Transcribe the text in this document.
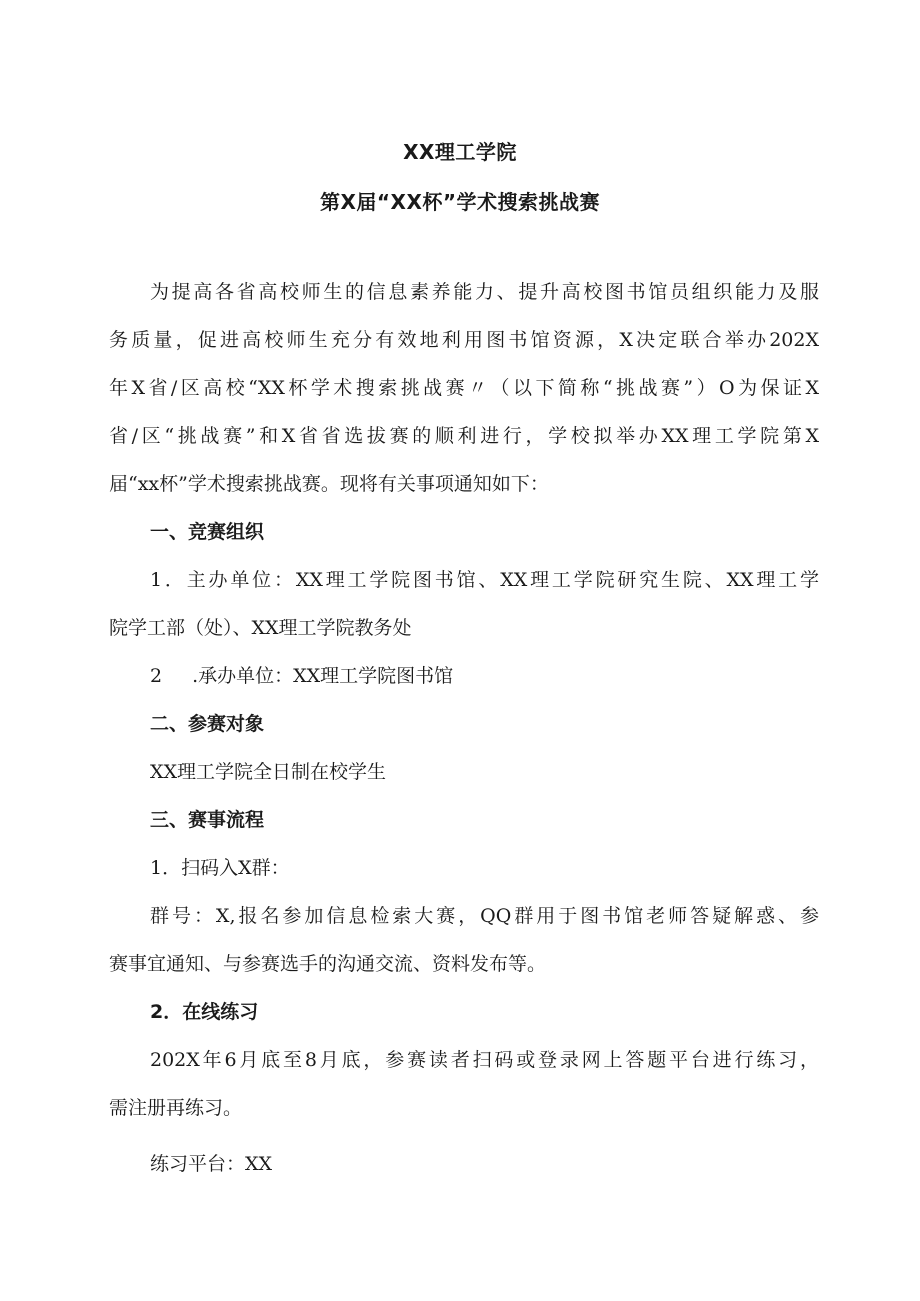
XX理工学院
第X届“XX杯”学术搜索挑战赛
为提高各省高校师生的信息素养能力、提升高校图书馆员组织能力及服
务质量，促进高校师生充分有效地利用图书馆资源，X决定联合举办202X
年X省/区高校“XX杯学术搜索挑战赛〃（以下简称“挑战赛”）O为保证X
省/区“挑战赛”和X省省选拔赛的顺利进行，学校拟举办XX理工学院第X
届“xx杯”学术搜索挑战赛。现将有关事项通知如下：
一、竞赛组织
1．主办单位：XX理工学院图书馆、XX理工学院研究生院、XX理工学
院学工部（处）、XX理工学院教务处
2 .承办单位：XX理工学院图书馆
二、参赛对象
XX理工学院全日制在校学生
三、赛事流程
1．扫码入X群：
群号：X,报名参加信息检索大赛，QQ群用于图书馆老师答疑解惑、参
赛事宜通知、与参赛选手的沟通交流、资料发布等。
2．在线练习
202X年6月底至8月底，参赛读者扫码或登录网上答题平台进行练习，
需注册再练习。
练习平台：XX
